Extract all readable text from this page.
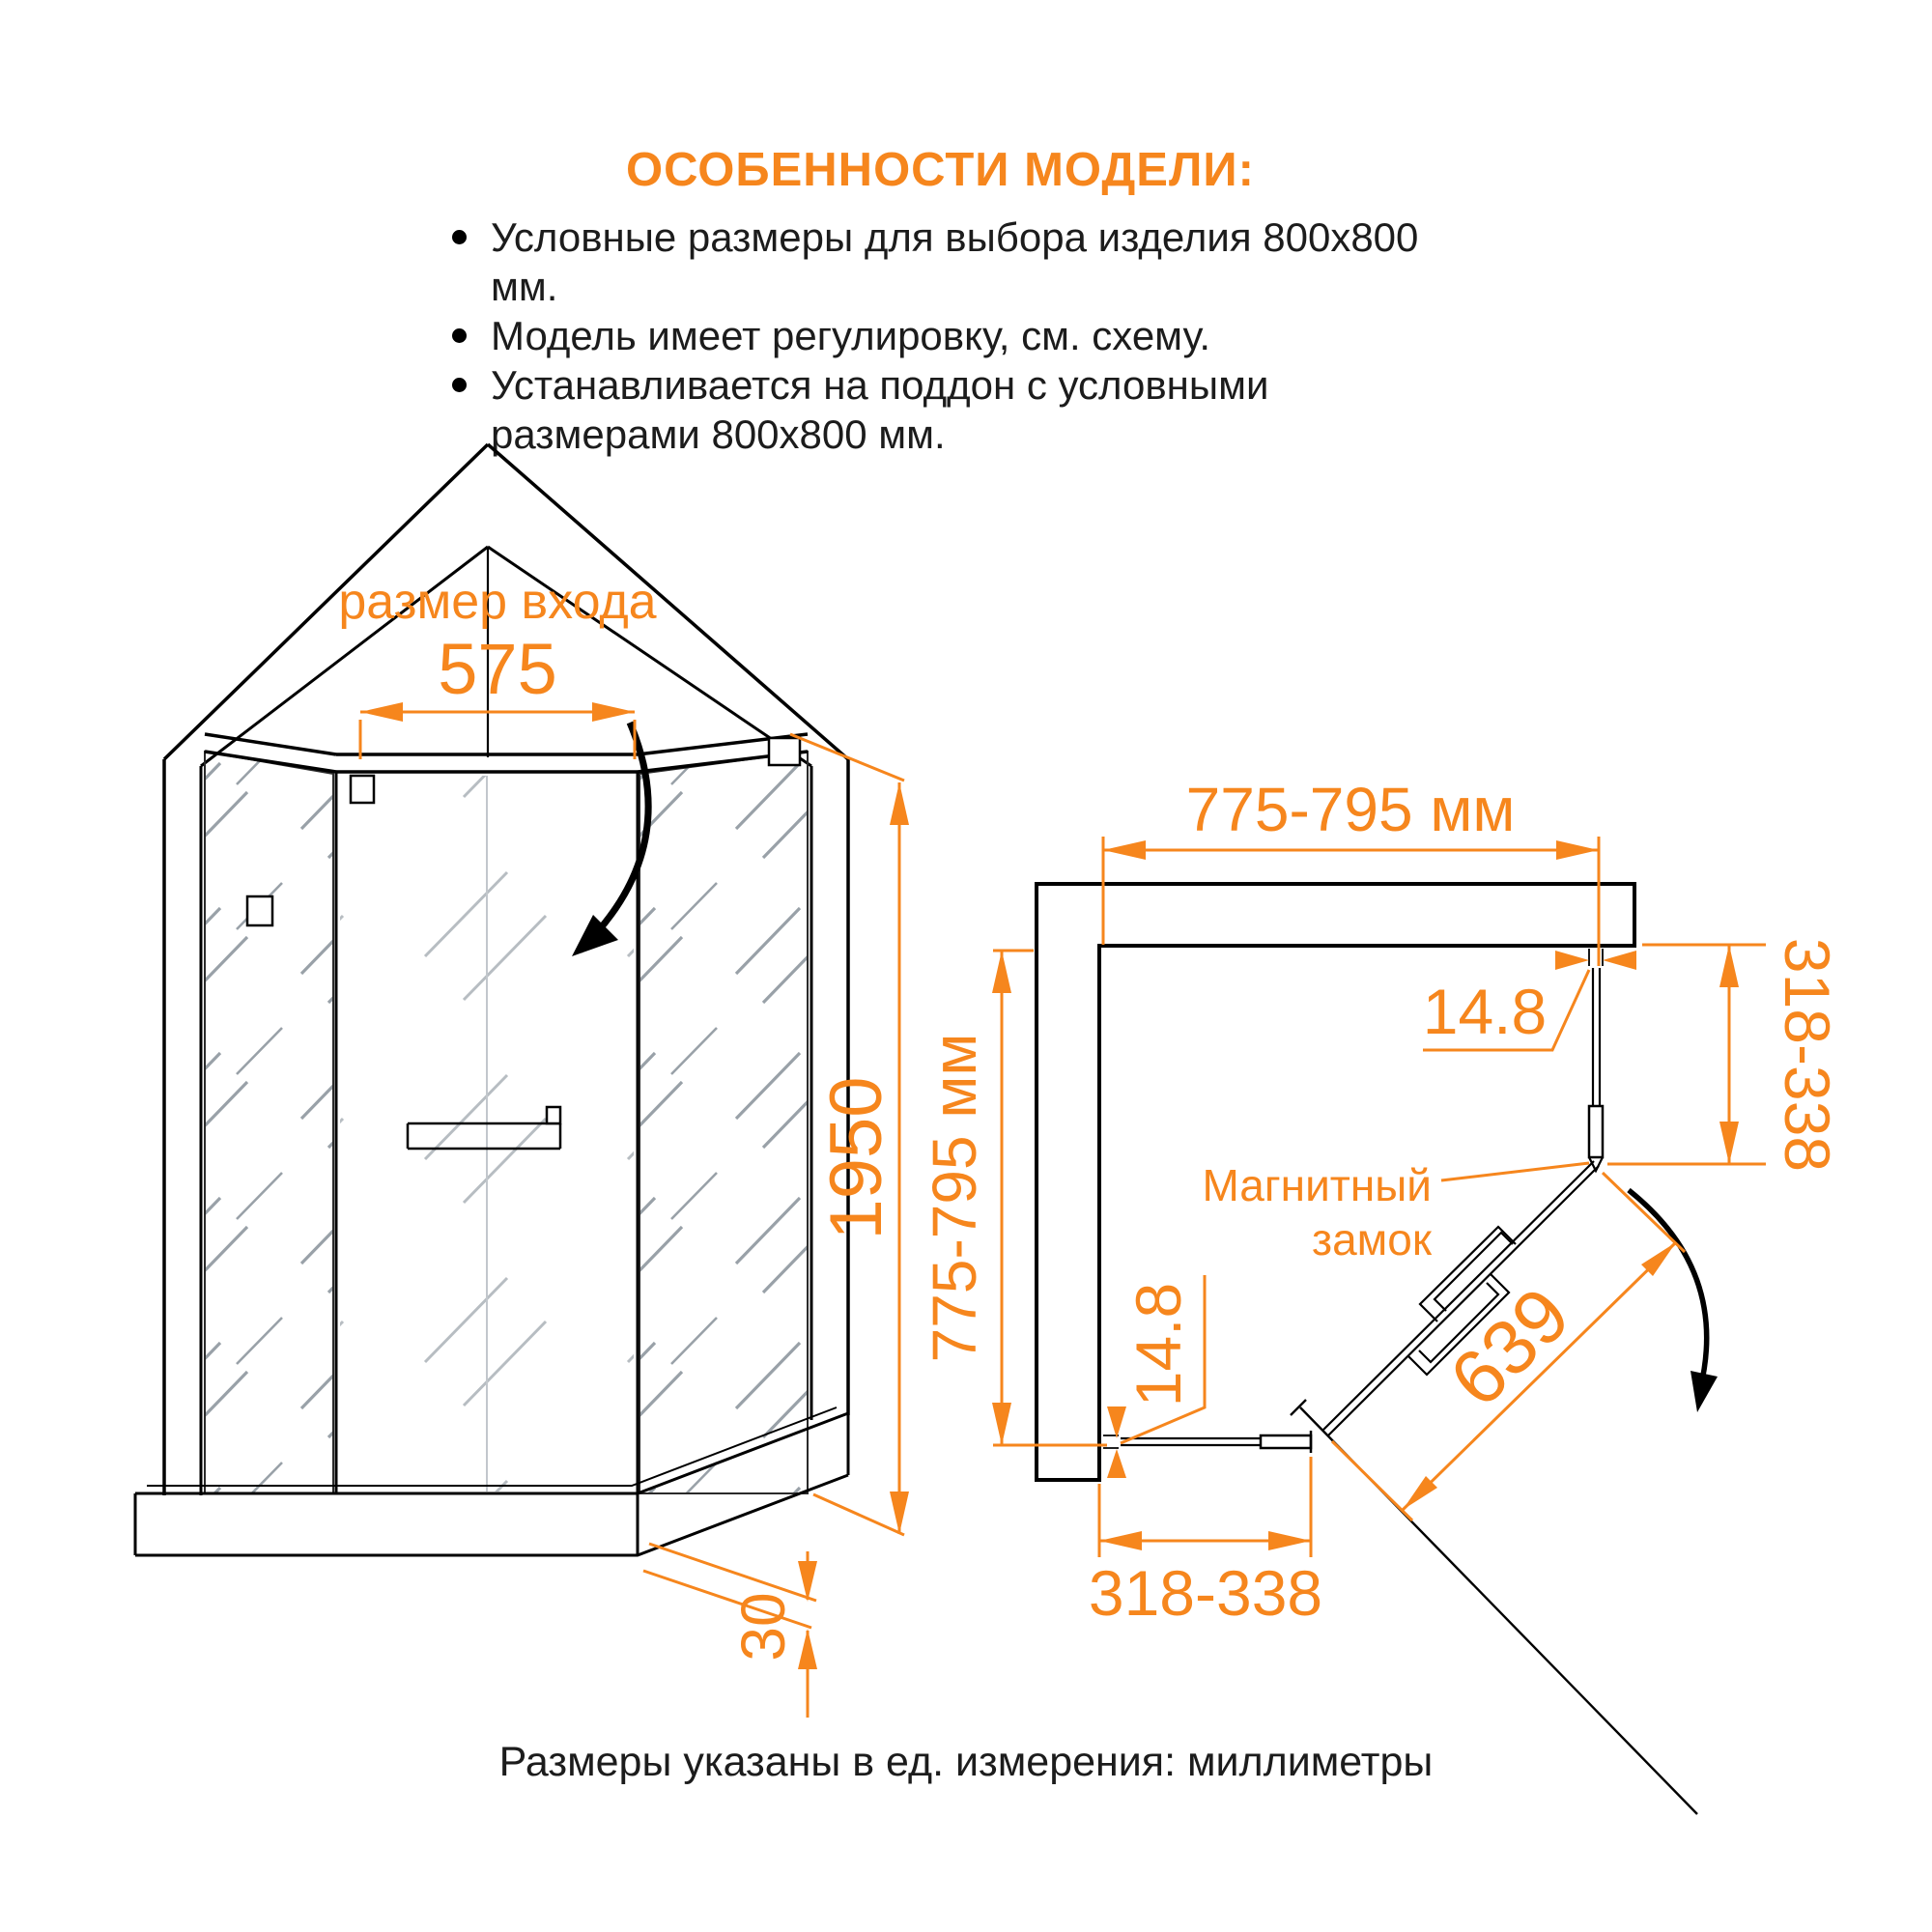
ОСОБЕННОСТИ МОДЕЛИ:
Условные размеры для выбора изделия 800х800 мм.
Модель имеет регулировку, см. схему.
Устанавливается на поддон с условными размерами 800х800 мм.
размер входа
575
1950
30
775-795 мм
775-795 мм	318-338
318-338
639
14.8
14.8
Магнитный
замок
Размеры указаны в ед. измерения: миллиметры
